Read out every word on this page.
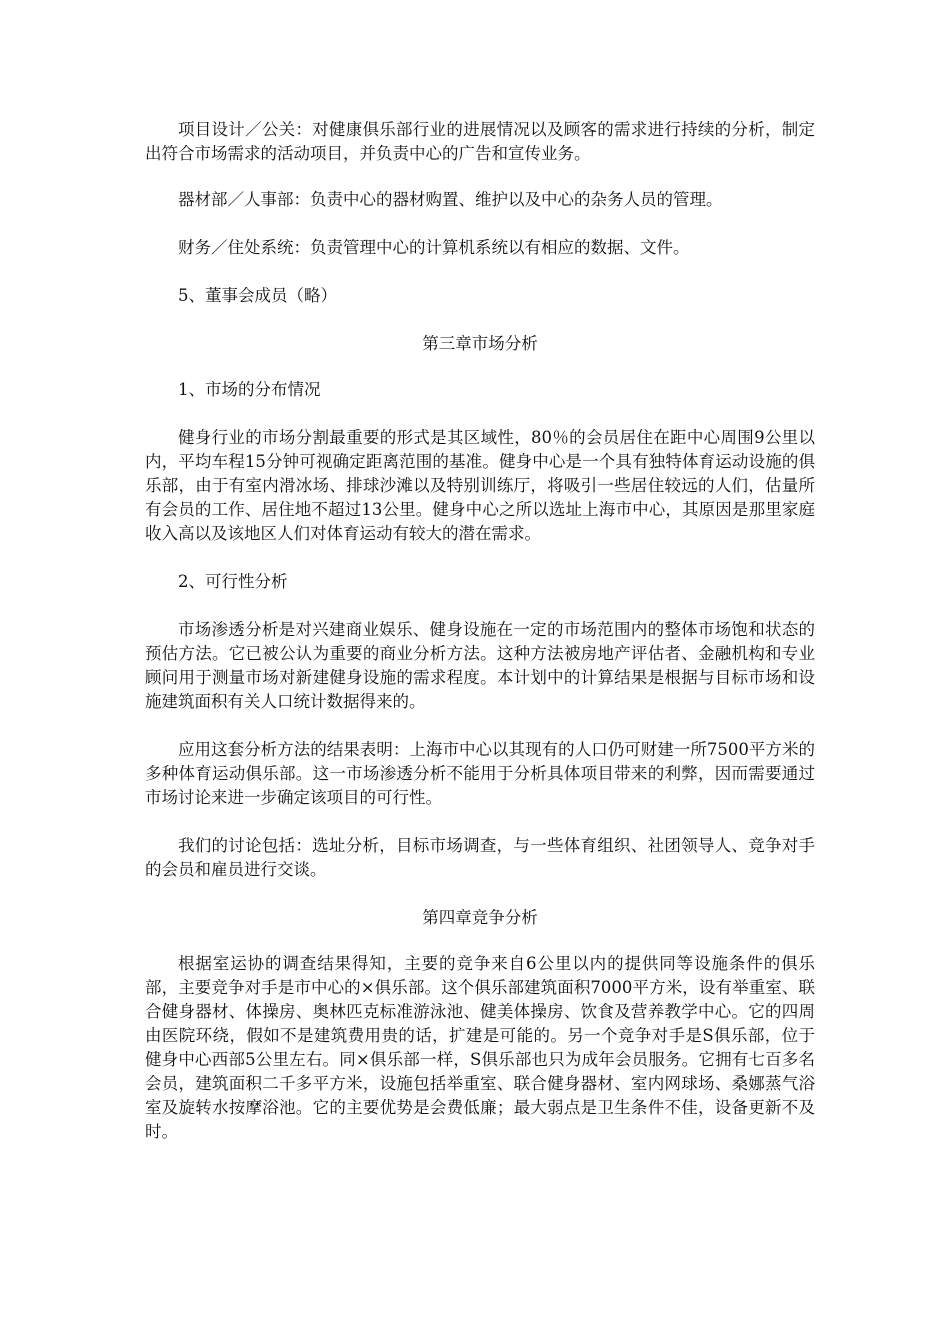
项目设计／公关：对健康俱乐部行业的进展情况以及顾客的需求进行持续的分析，制定出符合市场需求的活动项目，并负责中心的广告和宣传业务。

器材部／人事部：负责中心的器材购置、维护以及中心的杂务人员的管理。

财务／住处系统：负责管理中心的计算机系统以有相应的数据、文件。

5、董事会成员（略）

第三章市场分析

1、市场的分布情况

健身行业的市场分割最重要的形式是其区域性，80％的会员居住在距中心周围9公里以内，平均车程15分钟可视确定距离范围的基准。健身中心是一个具有独特体育运动设施的俱乐部，由于有室内滑冰场、排球沙滩以及特别训练厅，将吸引一些居住较远的人们，估量所有会员的工作、居住地不超过13公里。健身中心之所以选址上海市中心，其原因是那里家庭收入高以及该地区人们对体育运动有较大的潜在需求。

2、可行性分析

市场渗透分析是对兴建商业娱乐、健身设施在一定的市场范围内的整体市场饱和状态的预估方法。它已被公认为重要的商业分析方法。这种方法被房地产评估者、金融机构和专业顾问用于测量市场对新建健身设施的需求程度。本计划中的计算结果是根据与目标市场和设施建筑面积有关人口统计数据得来的。

应用这套分析方法的结果表明：上海市中心以其现有的人口仍可财建一所7500平方米的多种体育运动俱乐部。这一市场渗透分析不能用于分析具体项目带来的利弊，因而需要通过市场讨论来进一步确定该项目的可行性。

我们的讨论包括：选址分析，目标市场调查，与一些体育组织、社团领导人、竞争对手的会员和雇员进行交谈。

第四章竞争分析

根据室运协的调查结果得知，主要的竞争来自6公里以内的提供同等设施条件的俱乐部，主要竞争对手是市中心的×俱乐部。这个俱乐部建筑面积7000平方米，设有举重室、联合健身器材、体操房、奥林匹克标准游泳池、健美体操房、饮食及营养教学中心。它的四周由医院环绕，假如不是建筑费用贵的话，扩建是可能的。另一个竞争对手是S俱乐部，位于健身中心西部5公里左右。同×俱乐部一样，S俱乐部也只为成年会员服务。它拥有七百多名会员，建筑面积二千多平方米，设施包括举重室、联合健身器材、室内网球场、桑娜蒸气浴室及旋转水按摩浴池。它的主要优势是会费低廉；最大弱点是卫生条件不佳，设备更新不及时。
